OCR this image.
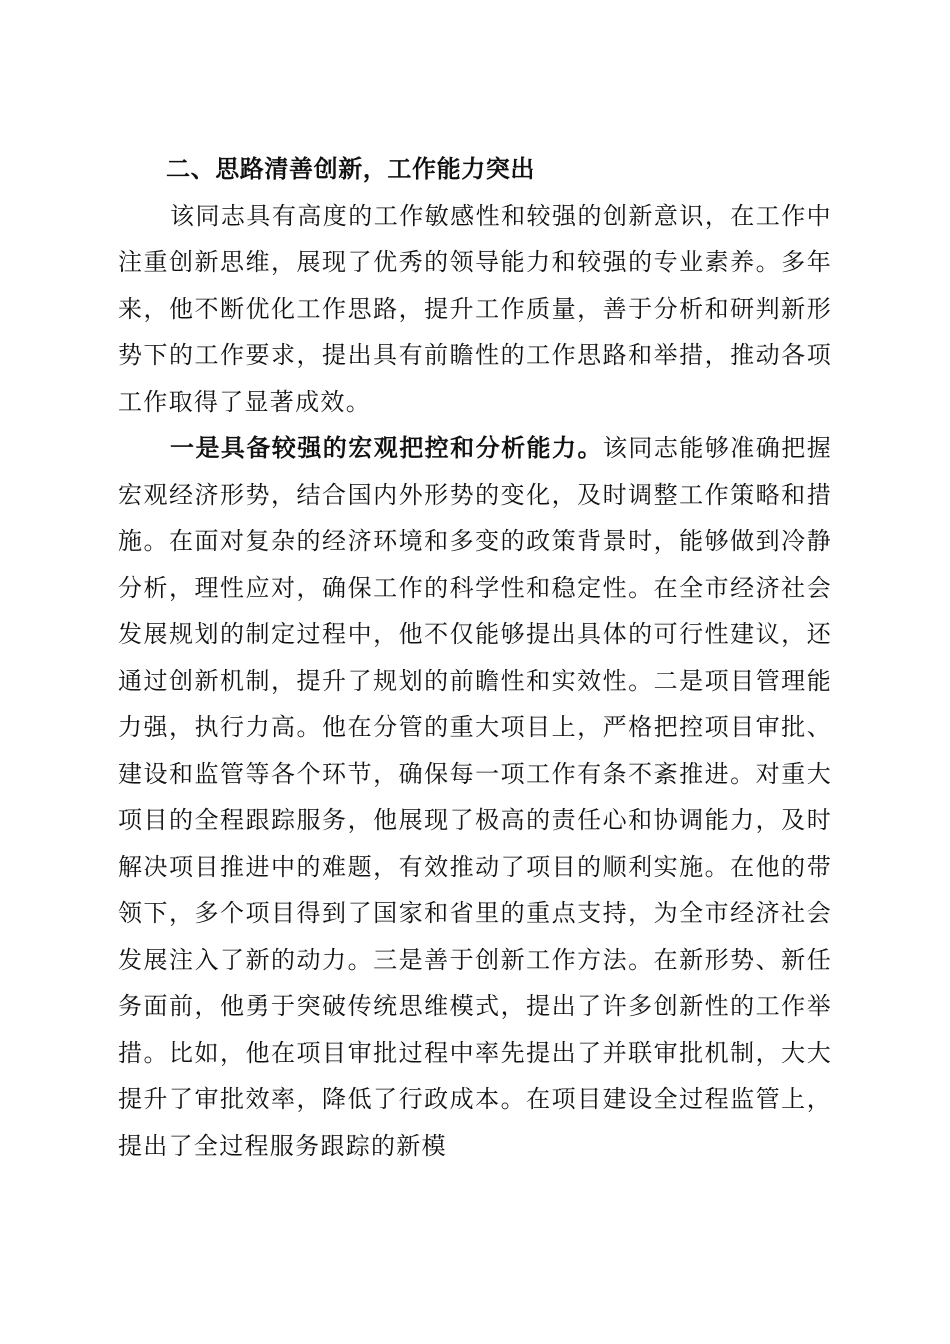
二、思路清善创新，工作能力突出

该同志具有高度的工作敏感性和较强的创新意识，在工作中注重创新思维，展现了优秀的领导能力和较强的专业素养。多年来，他不断优化工作思路，提升工作质量，善于分析和研判新形势下的工作要求，提出具有前瞻性的工作思路和举措，推动各项工作取得了显著成效。

一是具备较强的宏观把控和分析能力。该同志能够准确把握宏观经济形势，结合国内外形势的变化，及时调整工作策略和措施。在面对复杂的经济环境和多变的政策背景时，能够做到冷静分析，理性应对，确保工作的科学性和稳定性。在全市经济社会发展规划的制定过程中，他不仅能够提出具体的可行性建议，还通过创新机制，提升了规划的前瞻性和实效性。二是项目管理能力强，执行力高。他在分管的重大项目上，严格把控项目审批、建设和监管等各个环节，确保每一项工作有条不紊推进。对重大项目的全程跟踪服务，他展现了极高的责任心和协调能力，及时解决项目推进中的难题，有效推动了项目的顺利实施。在他的带领下，多个项目得到了国家和省里的重点支持，为全市经济社会发展注入了新的动力。三是善于创新工作方法。在新形势、新任务面前，他勇于突破传统思维模式，提出了许多创新性的工作举措。比如，他在项目审批过程中率先提出了并联审批机制，大大提升了审批效率，降低了行政成本。在项目建设全过程监管上，提出了全过程服务跟踪的新模
